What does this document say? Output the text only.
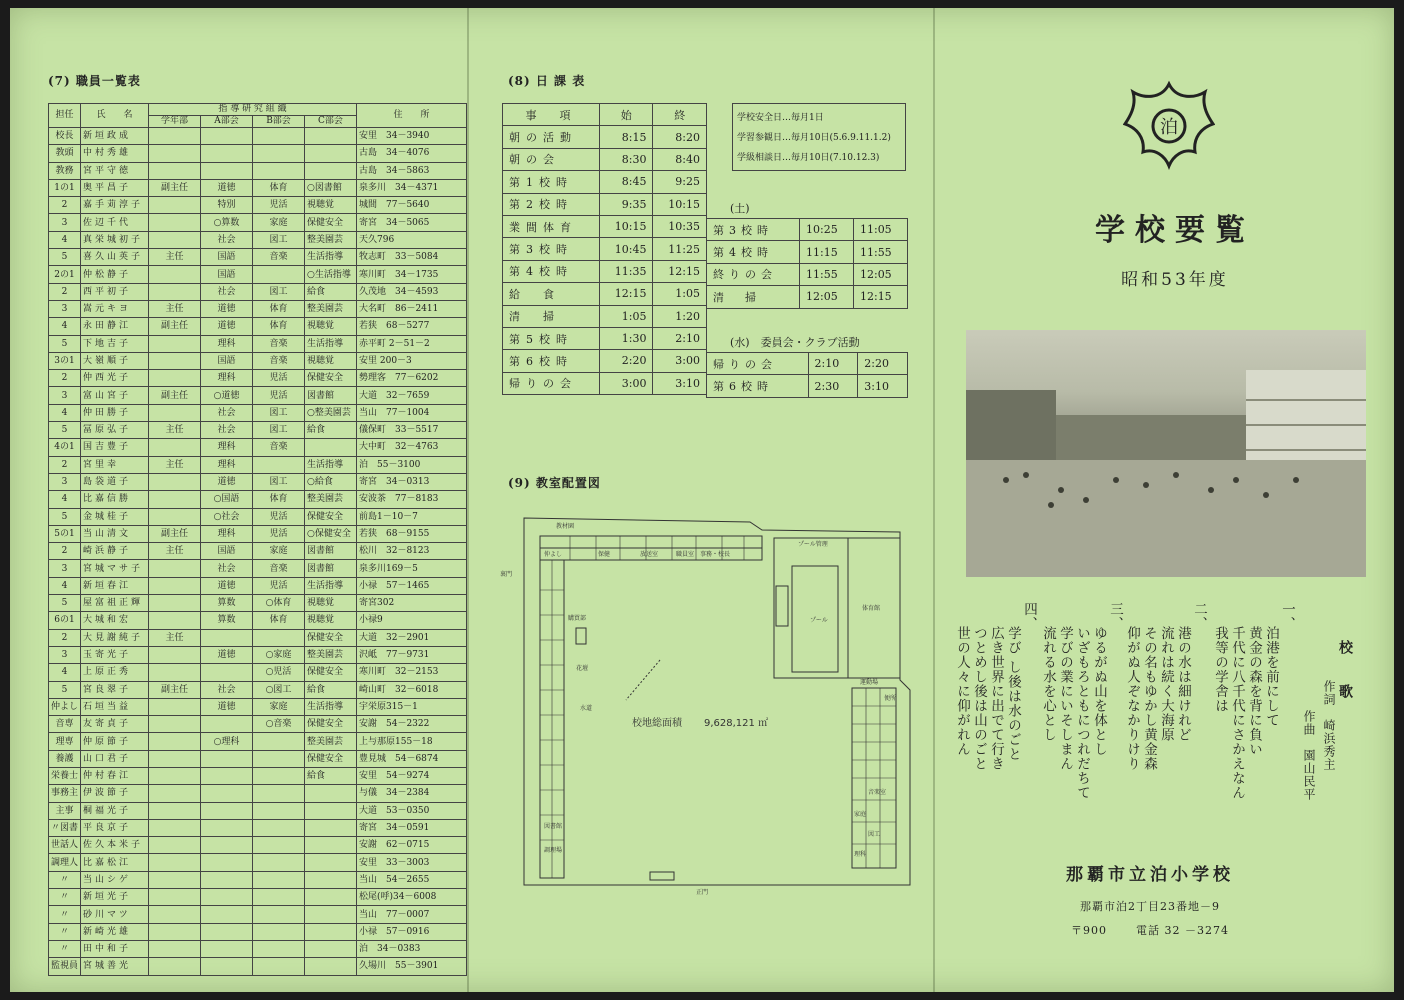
(7) 職員一覧表
担任	氏　　名	指 導 研 究 組 織				住　　所
		学年部	A部会	B部会	C部会	
校長	新垣政成					安里　34－3940
教頭	中村秀雄					古島　34－4076
教務	宮平守徳					古島　34－5863
1の1	奥平昌子	副主任	道徳	体育	○図書館	泉多川　34－4371
2	嘉手苅淳子		特別	児活	視聴覚	城間　77－5640
3	佐辺千代		○算数	家庭	保健安全	寄宮　34－5065
4	真栄城初子		社会	図工	整美園芸	天久796
5	喜久山英子	主任	国語	音楽	生活指導	牧志町　33－5084
2の1	仲松静子		国語		○生活指導	寒川町　34－1735
2	西平初子		社会	図工	給食	久茂地　34－4593
3	嵩元キヨ	主任	道徳	体育	整美園芸	大名町　86－2411
4	永田静江	副主任	道徳	体育	視聴覚	若狭　68－5277
5	下地吉子		理科	音楽	生活指導	赤平町 2－51－2
3の1	大嶺順子		国語	音楽	視聴覚	安里 200－3
2	仲西光子		理科	児活	保健安全	勢理客　77－6202
3	富山宮子	副主任	○道徳	児活	図書館	大道　32－7659
4	仲田勝子		社会	図工	○整美園芸	当山　77－1004
5	冨原弘子	主任	社会	図工	給食	儀保町　33－5517
4の1	国吉豊子		理科	音楽		大中町　32－4763
2	宮里幸	主任	理科		生活指導	泊　55－3100
3	島袋道子		道徳	図工	○給食	寄宮　34－0313
4	比嘉信勝		○国語	体育	整美園芸	安波茶　77－8183
5	金城桂子		○社会	児活	保健安全	前島1－10－7
5の1	当山清文	副主任	理科	児活	○保健安全	若狭　68－9155
2	崎浜静子	主任	国語	家庭	図書館	松川　32－8123
3	宮城マサ子		社会	音楽	図書館	泉多川169－5
4	新垣春江		道徳	児活	生活指導	小禄　57－1465
5	屋富祖正輝		算数	○体育	視聴覚	寄宮302
6の1	大城和宏		算数	体育	視聴覚	小禄9
2	大見謝純子	主任			保健安全	大道　32－2901
3	玉寄光子		道徳	○家庭	整美園芸	沢岻　77－9731
4	上原正秀			○児活	保健安全	寒川町　32－2153
5	宮良翠子	副主任	社会	○図工	給食	崎山町　32－6018
仲よし	石垣当益		道徳	家庭	生活指導	宇栄原315－1
音専	友寄貞子			○音楽	保健安全	安謝　54－2322
理専	仲原節子		○理科		整美園芸	上与那原155－18
養護	山口君子				保健安全	豊見城　54－6874
栄養士	仲村春江				給食	安里　54－9274
事務主	伊波節子					与儀　34－2384
主事	桐福光子					大道　53－0350
〃図書	平良京子					寄宮　34－0591
世話人	佐久本米子					安謝　62－0715
調理人	比嘉松江					安里　33－3003
〃	当山シゲ					当山　54－2655
〃	新垣光子					松尾(呼)34－6008
〃	砂川マツ					当山　77－0007
〃	新崎光雄					小禄　57－0916
〃	田中和子					泊　34－0383
監視員	宮城善光					久場川　55－3901
(8) 日 課 表
事　項	始	終
朝の活動	8:15	8:20
朝の会	8:30	8:40
第1校時	8:45	9:25
第2校時	9:35	10:15
業間体育	10:15	10:35
第3校時	10:45	11:25
第4校時	11:35	12:15
給　食	12:15	1:05
清　掃	1:05	1:20
第5校時	1:30	2:10
第6校時	2:20	3:00
帰りの会	3:00	3:10
学校安全日…毎月1日
学習参観日…毎月10日(5.6.9.11.1.2)
学級相談日…毎月10日(7.10.12.3)
(土)
第3校時	10:25	11:05
第4校時	11:15	11:55
終りの会	11:55	12:05
清　掃	12:05	12:15
(水)　委員会・クラブ活動
帰りの会	2:10	2:20
第6校時	2:30	3:10
(9) 教室配置図
教材園
プール管理
プール
体育館
購買部
花壇
水道
裏門
正門
運動場
職員室
放送室	事務・校長
保健
図書館
調理場
音楽室
家庭
図工
理科
仲よし
便所
校地総面積 9,628,121 ㎡
泊
学校要覧
昭和53年度
校　歌
作詞　崎浜秀主
作曲　園山民平
一、
泊港を前にして
黄金の森を背に負い
千代に八千代にさかえなん
我等の学舎は
二、
港の水は細けれど
流れは続く大海原
その名もゆかし黄金森
仰がぬ人ぞなかりけり
三、
ゆるがぬ山を体とし
いざもろともにつれだちて
学びの業にいそしまん
流れる水を心とし
四、
学び し後は水のごと
広き世界に出でて行き
つとめし後は山のごと
世の人々に仰がれん
那覇市立泊小学校
那覇市泊2丁目23番地－9
〒900	電話 32 －3274
